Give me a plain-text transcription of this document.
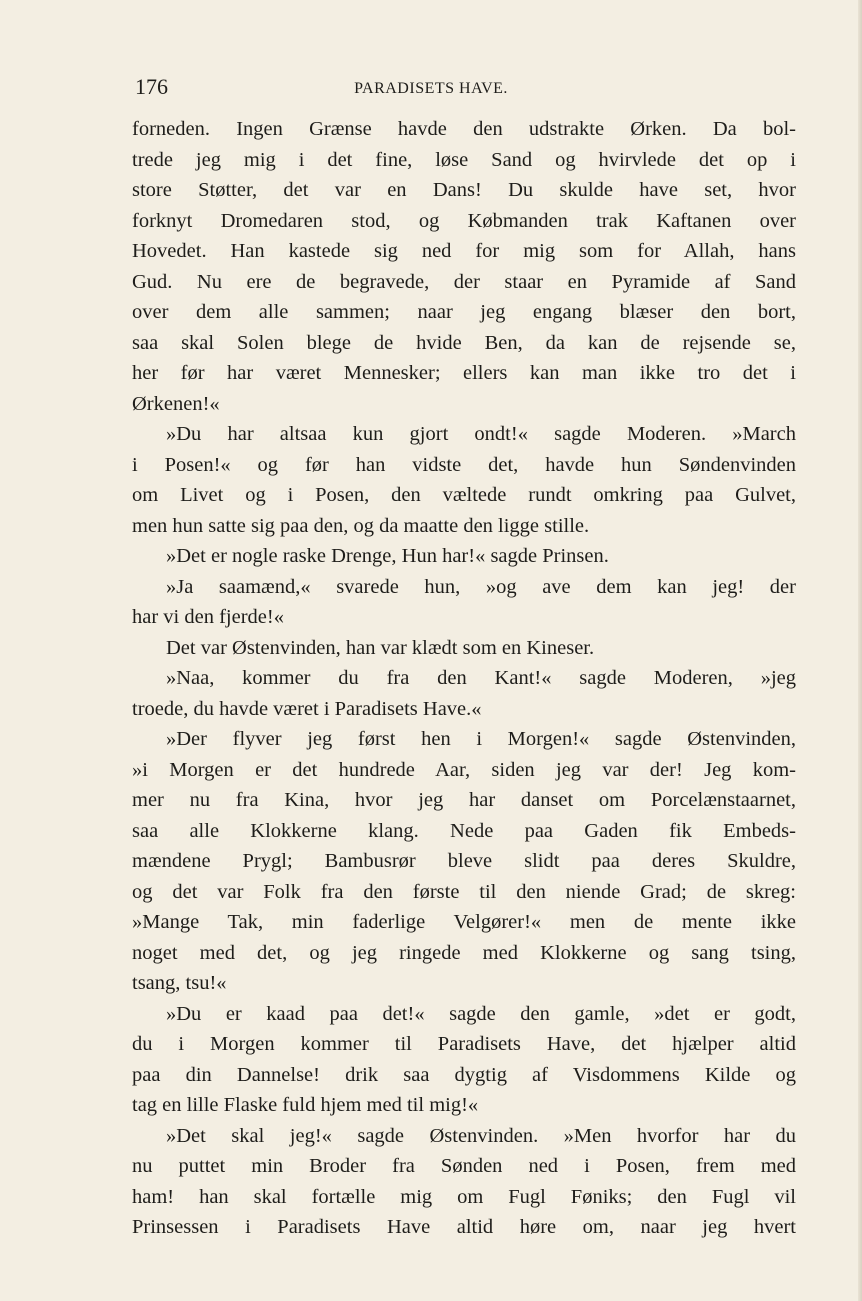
176	PARADISETS HAVE.
forneden. Ingen Grænse havde den udstrakte Ørken. Da bol-
trede jeg mig i det fine, løse Sand og hvirvlede det op i
store Støtter, det var en Dans! Du skulde have set, hvor
forknyt Dromedaren stod, og Købmanden trak Kaftanen over
Hovedet. Han kastede sig ned for mig som for Allah, hans
Gud. Nu ere de begravede, der staar en Pyramide af Sand
over dem alle sammen; naar jeg engang blæser den bort,
saa skal Solen blege de hvide Ben, da kan de rejsende se,
her før har været Mennesker; ellers kan man ikke tro det i
Ørkenen!«
»Du har altsaa kun gjort ondt!« sagde Moderen. »March
i Posen!« og før han vidste det, havde hun Søndenvinden
om Livet og i Posen, den væltede rundt omkring paa Gulvet,
men hun satte sig paa den, og da maatte den ligge stille.
»Det er nogle raske Drenge, Hun har!« sagde Prinsen.
»Ja saamænd,« svarede hun, »og ave dem kan jeg! der
har vi den fjerde!«
Det var Østenvinden, han var klædt som en Kineser.
»Naa, kommer du fra den Kant!« sagde Moderen, »jeg
troede, du havde været i Paradisets Have.«
»Der flyver jeg først hen i Morgen!« sagde Østenvinden,
»i Morgen er det hundrede Aar, siden jeg var der! Jeg kom-
mer nu fra Kina, hvor jeg har danset om Porcelænstaarnet,
saa alle Klokkerne klang. Nede paa Gaden fik Embeds-
mændene Prygl; Bambusrør bleve slidt paa deres Skuldre,
og det var Folk fra den første til den niende Grad; de skreg:
»Mange Tak, min faderlige Velgører!« men de mente ikke
noget med det, og jeg ringede med Klokkerne og sang tsing,
tsang, tsu!«
»Du er kaad paa det!« sagde den gamle, »det er godt,
du i Morgen kommer til Paradisets Have, det hjælper altid
paa din Dannelse! drik saa dygtig af Visdommens Kilde og
tag en lille Flaske fuld hjem med til mig!«
»Det skal jeg!« sagde Østenvinden. »Men hvorfor har du
nu puttet min Broder fra Sønden ned i Posen, frem med
ham! han skal fortælle mig om Fugl Føniks; den Fugl vil
Prinsessen i Paradisets Have altid høre om, naar jeg hvert
